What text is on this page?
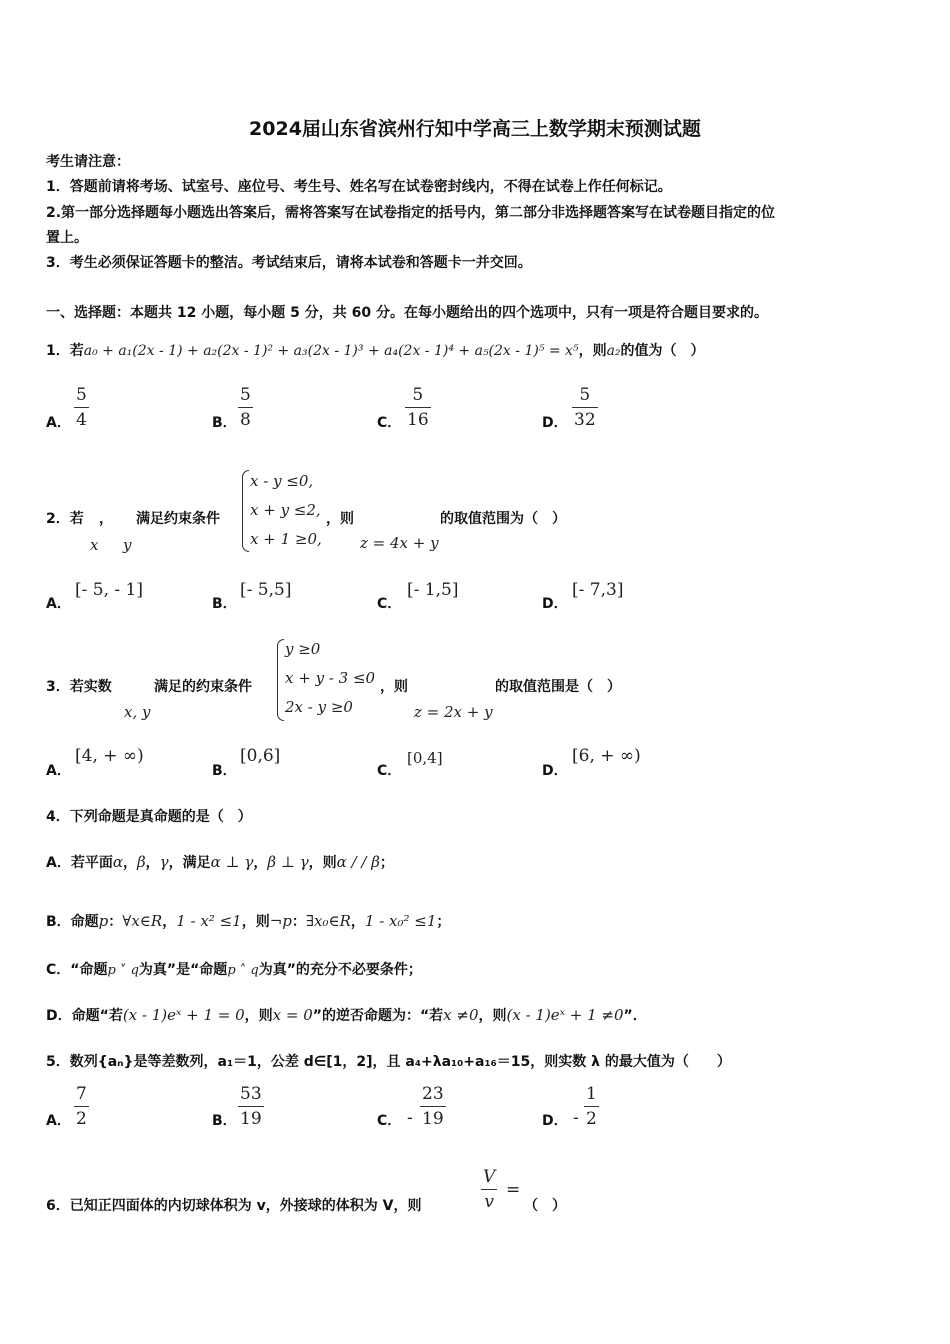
2024届山东省滨州行知中学高三上数学期末预测试题
考生请注意：
1．答题前请将考场、试室号、座位号、考生号、姓名写在试卷密封线内，不得在试卷上作任何标记。
2.第一部分选择题每小题选出答案后，需将答案写在试卷指定的括号内，第二部分非选择题答案写在试卷题目指定的位
置上。
3．考生必须保证答题卡的整洁。考试结束后，请将本试卷和答题卡一并交回。
一、选择题：本题共 12 小题，每小题 5 分，共 60 分。在每小题给出的四个选项中，只有一项是符合题目要求的。
1．若a₀ + a₁(2x - 1) + a₂(2x - 1)² + a₃(2x - 1)³ + a₄(2x - 1)⁴ + a₅(2x - 1)⁵ = x⁵，则a₂的值为（　）
A．
5
4	B．
5
8	C．
5
16	D．
5
32
2．若 ， 满足约束条件
x y
x - y ≤0,
x + y ≤2,
x + 1 ≥0,
，则
z = 4x + y
的取值范围为（　）
A．
[- 5, - 1]
B．
[- 5,5]
C．
[- 1,5]
D．
[- 7,3]
3．若实数
x, y
满足的约束条件
y ≥0
x + y - 3 ≤0
2x - y ≥0
，则
z = 2x + y
的取值范围是（　）
A．
[4, + ∞)
B．
[0,6]
C．
[0,4]
D．
[6, + ∞)
4．下列命题是真命题的是（　）
A．若平面α，β，γ，满足α ⊥ γ，β ⊥ γ，则α / / β；
B．命题p：∀x∈R，1 - x² ≤1，则¬p：∃x₀∈R，1 - x₀² ≤1；
C．“命题p ˅ q为真”是“命题p ˄ q为真”的充分不必要条件；
D．命题“若(x - 1)eˣ + 1 = 0，则x = 0”的逆否命题为：“若x ≠0，则(x - 1)eˣ + 1 ≠0”．
5．数列{aₙ}是等差数列，a₁＝1，公差 d∈[1，2]，且 a₄+λa₁₀+a₁₆＝15，则实数 λ 的最大值为（　　）
A．
7
2	B．
53
19	C． -
23
19	D． -
1
2
6．已知正四面体的内切球体积为 v，外接球的体积为 V，则
V
v
=
（　）
